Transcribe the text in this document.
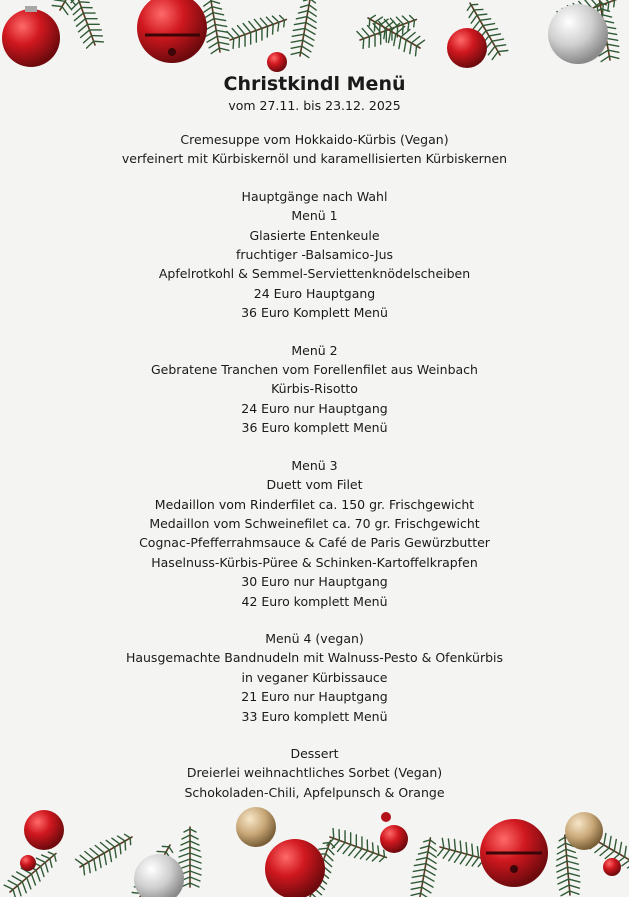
Christkindl Menü

vom 27.11. bis 23.12. 2025

Cremesuppe vom Hokkaido-Kürbis (Vegan)
verfeinert mit Kürbiskernöl und karamellisierten Kürbiskernen
Hauptgänge nach Wahl
Menü 1
Glasierte Entenkeule
fruchtiger -Balsamico-Jus
Apfelrotkohl & Semmel-Serviettenknödelscheiben
24 Euro Hauptgang
36 Euro Komplett Menü
Menü 2
Gebratene Tranchen vom Forellenfilet aus Weinbach
Kürbis-Risotto
24 Euro nur Hauptgang
36 Euro komplett Menü
Menü 3
Duett vom Filet
Medaillon vom Rinderfilet ca. 150 gr. Frischgewicht
Medaillon vom Schweinefilet ca. 70 gr. Frischgewicht
Cognac-Pfefferrahmsauce & Café de Paris Gewürzbutter
Haselnuss-Kürbis-Püree & Schinken-Kartoffelkrapfen
30 Euro nur Hauptgang
42 Euro komplett Menü
Menü 4 (vegan)
Hausgemachte Bandnudeln mit Walnuss-Pesto & Ofenkürbis
in veganer Kürbissauce
21 Euro nur Hauptgang
33 Euro komplett Menü
Dessert
Dreierlei weihnachtliches Sorbet (Vegan)
Schokoladen-Chili, Apfelpunsch & Orange
